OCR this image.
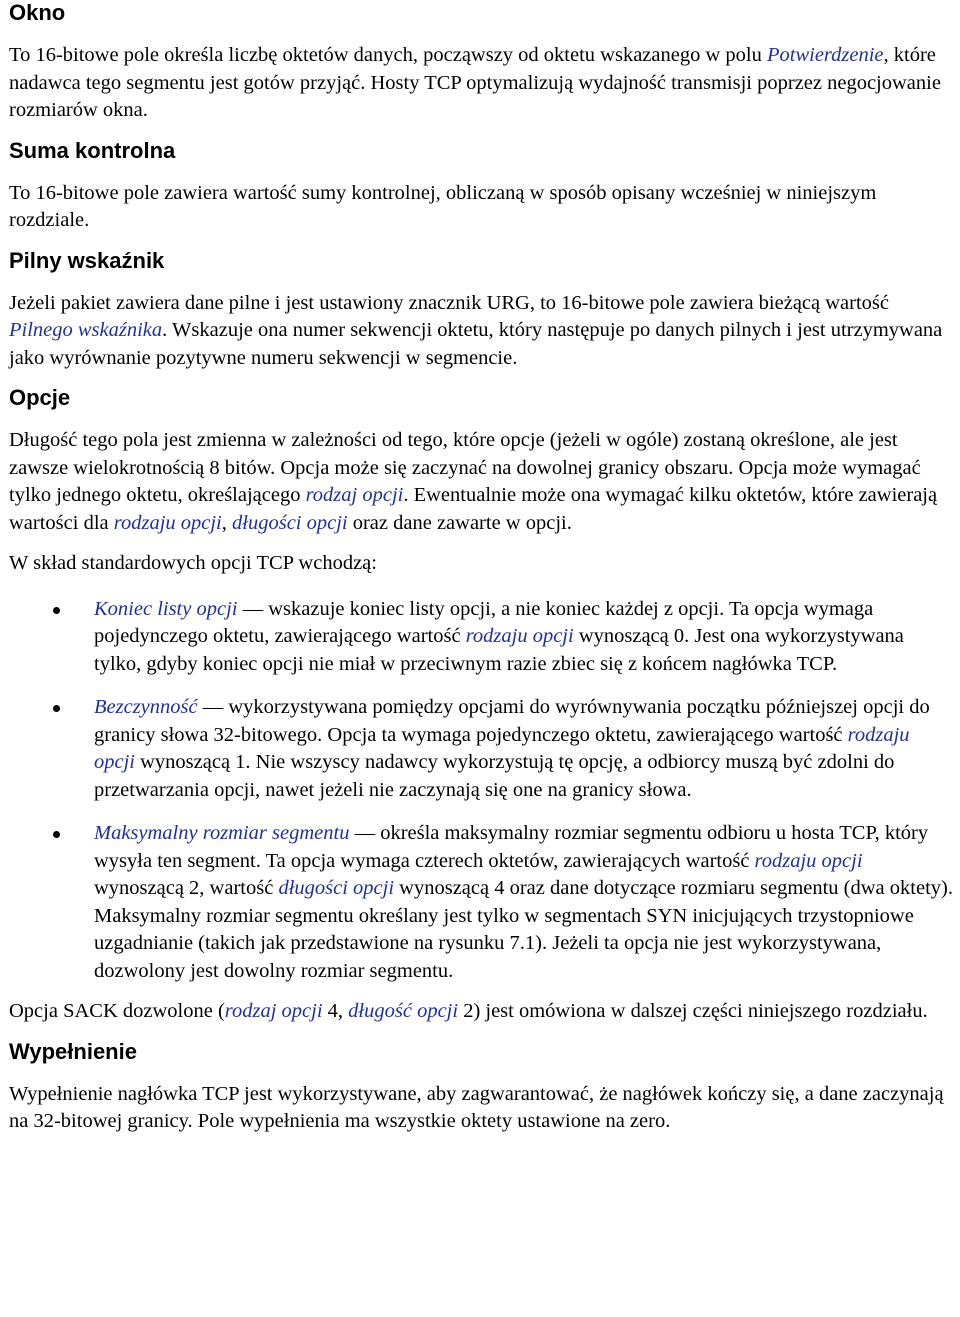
Okno

To 16-bitowe pole określa liczbę oktetów danych, począwszy od oktetu wskazanego w polu Potwierdzenie, które nadawca tego segmentu jest gotów przyjąć. Hosty TCP optymalizują wydajność transmisji poprzez negocjowanie rozmiarów okna.

Suma kontrolna

To 16-bitowe pole zawiera wartość sumy kontrolnej, obliczaną w sposób opisany wcześniej w niniejszym rozdziale.

Pilny wskaźnik

Jeżeli pakiet zawiera dane pilne i jest ustawiony znacznik URG, to 16-bitowe pole zawiera bieżącą wartość Pilnego wskaźnika. Wskazuje ona numer sekwencji oktetu, który następuje po danych pilnych i jest utrzymywana jako wyrównanie pozytywne numeru sekwencji w segmencie.

Opcje

Długość tego pola jest zmienna w zależności od tego, które opcje (jeżeli w ogóle) zostaną określone, ale jest zawsze wielokrotnością 8 bitów. Opcja może się zaczynać na dowolnej granicy obszaru. Opcja może wymagać tylko jednego oktetu, określającego rodzaj opcji. Ewentualnie może ona wymagać kilku oktetów, które zawierają wartości dla rodzaju opcji, długości opcji oraz dane zawarte w opcji.

W skład standardowych opcji TCP wchodzą:

Koniec listy opcji — wskazuje koniec listy opcji, a nie koniec każdej z opcji. Ta opcja wymaga pojedynczego oktetu, zawierającego wartość rodzaju opcji wynoszącą 0. Jest ona wykorzystywana tylko, gdyby koniec opcji nie miał w przeciwnym razie zbiec się z końcem nagłówka TCP.
Bezczynność — wykorzystywana pomiędzy opcjami do wyrównywania początku późniejszej opcji do granicy słowa 32-bitowego. Opcja ta wymaga pojedynczego oktetu, zawierającego wartość rodzaju opcji wynoszącą 1. Nie wszyscy nadawcy wykorzystują tę opcję, a odbiorcy muszą być zdolni do przetwarzania opcji, nawet jeżeli nie zaczynają się one na granicy słowa.
Maksymalny rozmiar segmentu — określa maksymalny rozmiar segmentu odbioru u hosta TCP, który wysyła ten segment. Ta opcja wymaga czterech oktetów, zawierających wartość rodzaju opcji wynoszącą 2, wartość długości opcji wynoszącą 4 oraz dane dotyczące rozmiaru segmentu (dwa oktety). Maksymalny rozmiar segmentu określany jest tylko w segmentach SYN inicjujących trzystopniowe uzgadnianie (takich jak przedstawione na rysunku 7.1). Jeżeli ta opcja nie jest wykorzystywana, dozwolony jest dowolny rozmiar segmentu.

Opcja SACK dozwolone (rodzaj opcji 4, długość opcji 2) jest omówiona w dalszej części niniejszego rozdziału.

Wypełnienie

Wypełnienie nagłówka TCP jest wykorzystywane, aby zagwarantować, że nagłówek kończy się, a dane zaczynają na 32-bitowej granicy. Pole wypełnienia ma wszystkie oktety ustawione na zero.
